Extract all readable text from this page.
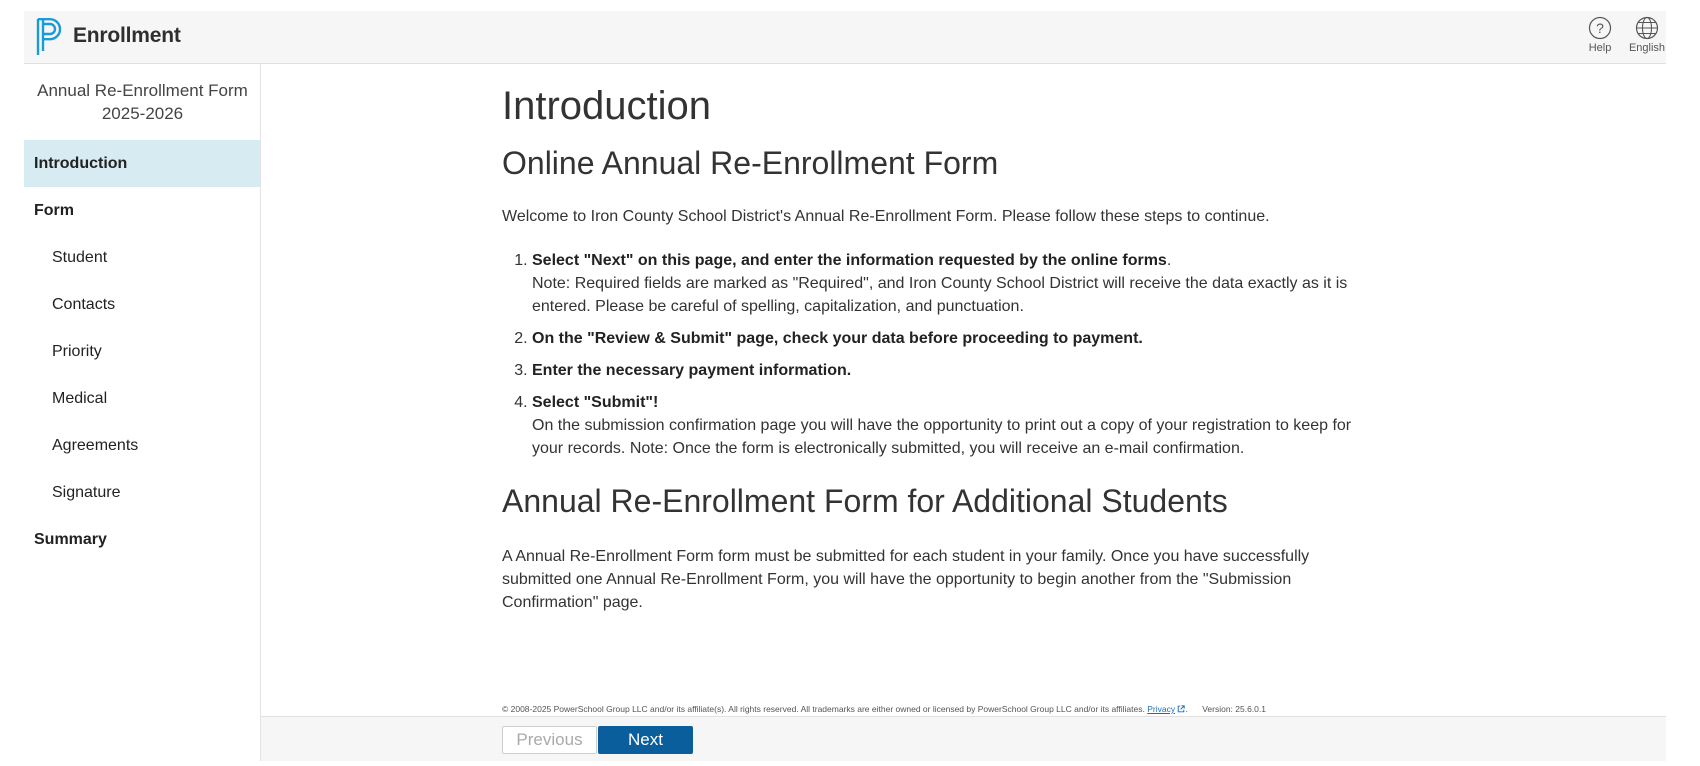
Enrollment	?
Help	English
Annual Re-Enrollment Form
2025-2026
Introduction
Form
Student
Contacts
Priority
Medical
Agreements
Signature
Summary
Introduction
Online Annual Re-Enrollment Form

Welcome to Iron County School District's Annual Re-Enrollment Form. Please follow these steps to continue.

1. Select "Next" on this page, and enter the information requested by the online forms.
Note: Required fields are marked as "Required", and Iron County School District will receive the data exactly as it is entered. Please be careful of spelling, capitalization, and punctuation.
2. On the "Review & Submit" page, check your data before proceeding to payment.
3. Enter the necessary payment information.
4. Select "Submit"!
On the submission confirmation page you will have the opportunity to print out a copy of your registration to keep for your records. Note: Once the form is electronically submitted, you will receive an e-mail confirmation.
Annual Re-Enrollment Form for Additional Students

A Annual Re-Enrollment Form form must be submitted for each student in your family. Once you have successfully submitted one Annual Re-Enrollment Form, you will have the opportunity to begin another from the "Submission Confirmation" page.

© 2008-2025 PowerSchool Group LLC and/or its affiliate(s). All rights reserved. All trademarks are either owned or licensed by PowerSchool Group LLC and/or its affiliates. Privacy . Version: 25.6.0.1
Previous	Next
